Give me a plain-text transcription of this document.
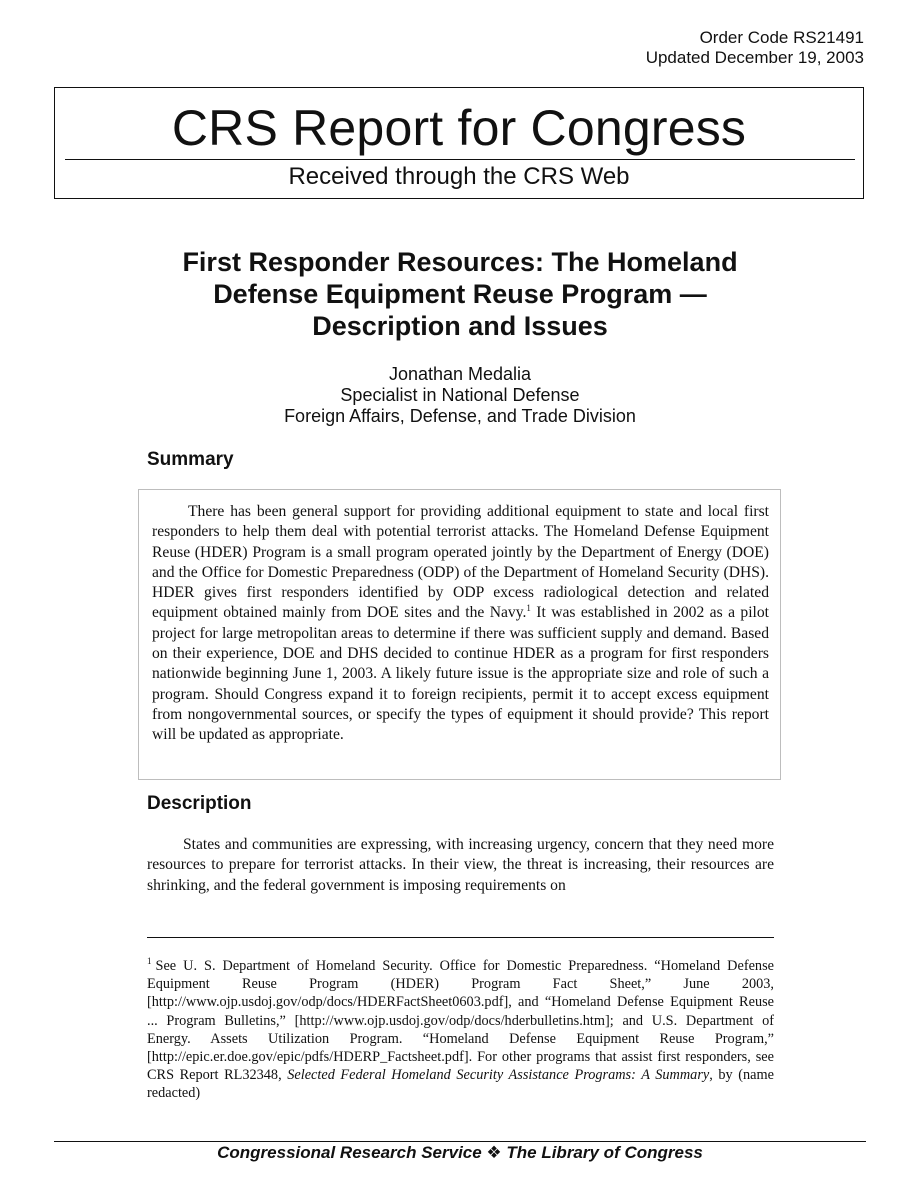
Order Code RS21491
Updated December 19, 2003
CRS Report for Congress
Received through the CRS Web
First Responder Resources: The Homeland
Defense Equipment Reuse Program —
Description and Issues
Jonathan Medalia
Specialist in National Defense
Foreign Affairs, Defense, and Trade Division
Summary

There has been general support for providing additional equipment to state and local first responders to help them deal with potential terrorist attacks. The Homeland Defense Equipment Reuse (HDER) Program is a small program operated jointly by the Department of Energy (DOE) and the Office for Domestic Preparedness (ODP) of the Department of Homeland Security (DHS). HDER gives first responders identified by ODP excess radiological detection and related equipment obtained mainly from DOE sites and the Navy.$^1$ It was established in 2002 as a pilot project for large metropolitan areas to determine if there was sufficient supply and demand. Based on their experience, DOE and DHS decided to continue HDER as a program for first responders nationwide beginning June 1, 2003. A likely future issue is the appropriate size and role of such a program. Should Congress expand it to foreign recipients, permit it to accept excess equipment from nongovernmental sources, or specify the types of equipment it should provide? This report will be updated as appropriate.

Description

States and communities are expressing, with increasing urgency, concern that they need more resources to prepare for terrorist attacks. In their view, the threat is increasing, their resources are shrinking, and the federal government is imposing requirements on

$^1$ See U. S. Department of Homeland Security. Office for Domestic Preparedness. “Homeland Defense Equipment Reuse Program (HDER) Program Fact Sheet,” June 2003, [http://www.ojp.usdoj.gov/odp/docs/HDERFactSheet0603.pdf], and “Homeland Defense Equipment Reuse ... Program Bulletins,” [http://www.ojp.usdoj.gov/odp/docs/hderbulletins.htm]; and U.S. Department of Energy. Assets Utilization Program. “Homeland Defense Equipment Reuse Program,” [http://epic.er.doe.gov/epic/pdfs/HDERP_Factsheet.pdf]. For other programs that assist first responders, see CRS Report RL32348, Selected Federal Homeland Security Assistance Programs: A Summary, by (name redacted)

Congressional Research Service ❖ The Library of Congress
